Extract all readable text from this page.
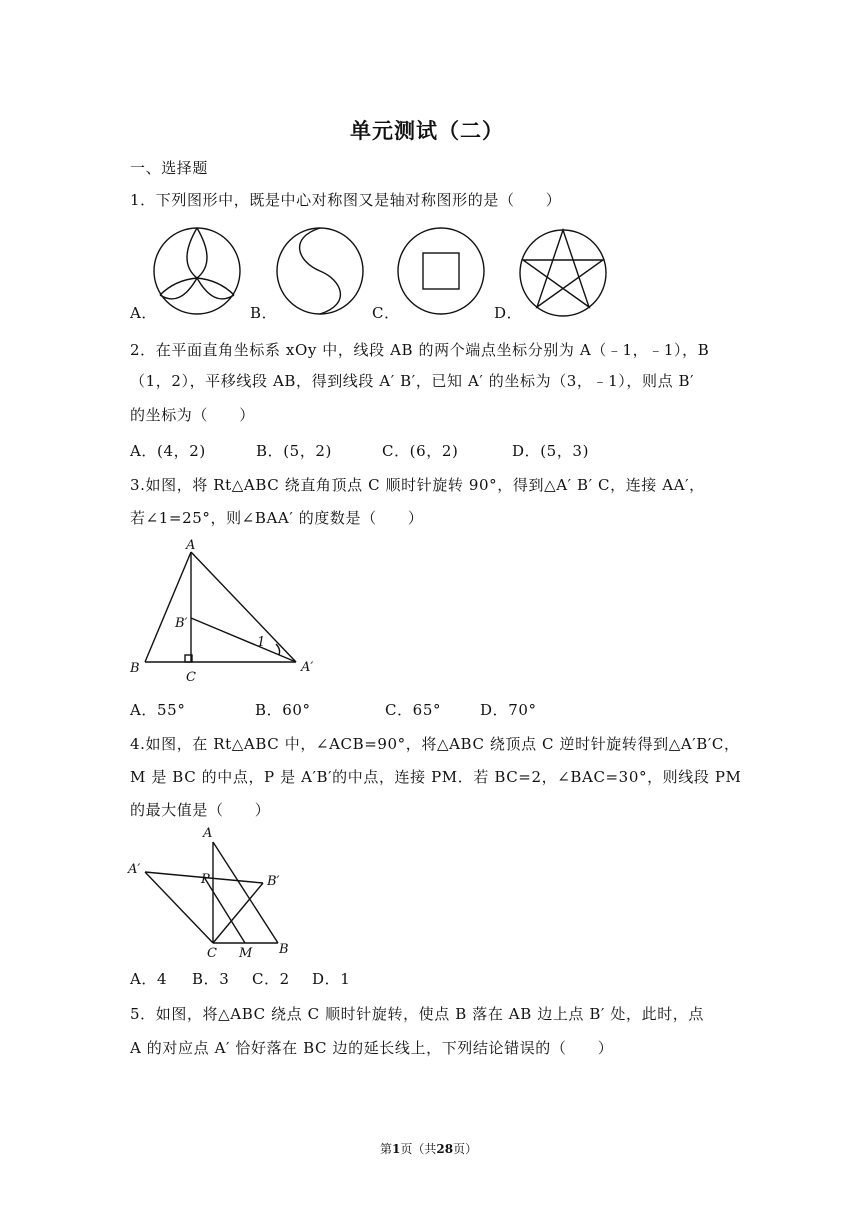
单元测试（二）
一、选择题
1．下列图形中，既是中心对称图又是轴对称图形的是（　　）
A．	B．	C．	D．
2．在平面直角坐标系 xOy 中，线段 AB 的两个端点坐标分别为 A（﹣1，﹣1），B
（1，2），平移线段 AB，得到线段 A′ B′，已知 A′ 的坐标为（3，﹣1），则点 B′
的坐标为（　　）
A．(4，2)	B．(5，2)	C．(6，2)	D．(5，3)
3.如图，将 Rt△ABC 绕直角顶点 C 顺时针旋转 90°，得到△A′ B′ C，连接 AA′，
若∠1=25°，则∠BAA′ 的度数是（　　）
A
B′
1
B
C
A′
A．55°	B．60°	C．65°	D．70°
4.如图，在 Rt△ABC 中，∠ACB=90°，将△ABC 绕顶点 C 逆时针旋转得到△A′B′C，
M 是 BC 的中点，P 是 A′B′的中点，连接 PM．若 BC=2，∠BAC=30°，则线段 PM
的最大值是（　　）
A
A′
P	B′
C M B
A．4 B．3 C．2 D．1
5．如图，将△ABC 绕点 C 顺时针旋转，使点 B 落在 AB 边上点 B′ 处，此时，点
A 的对应点 A′ 恰好落在 BC 边的延长线上，下列结论错误的（　　）
第1页（共28页）
